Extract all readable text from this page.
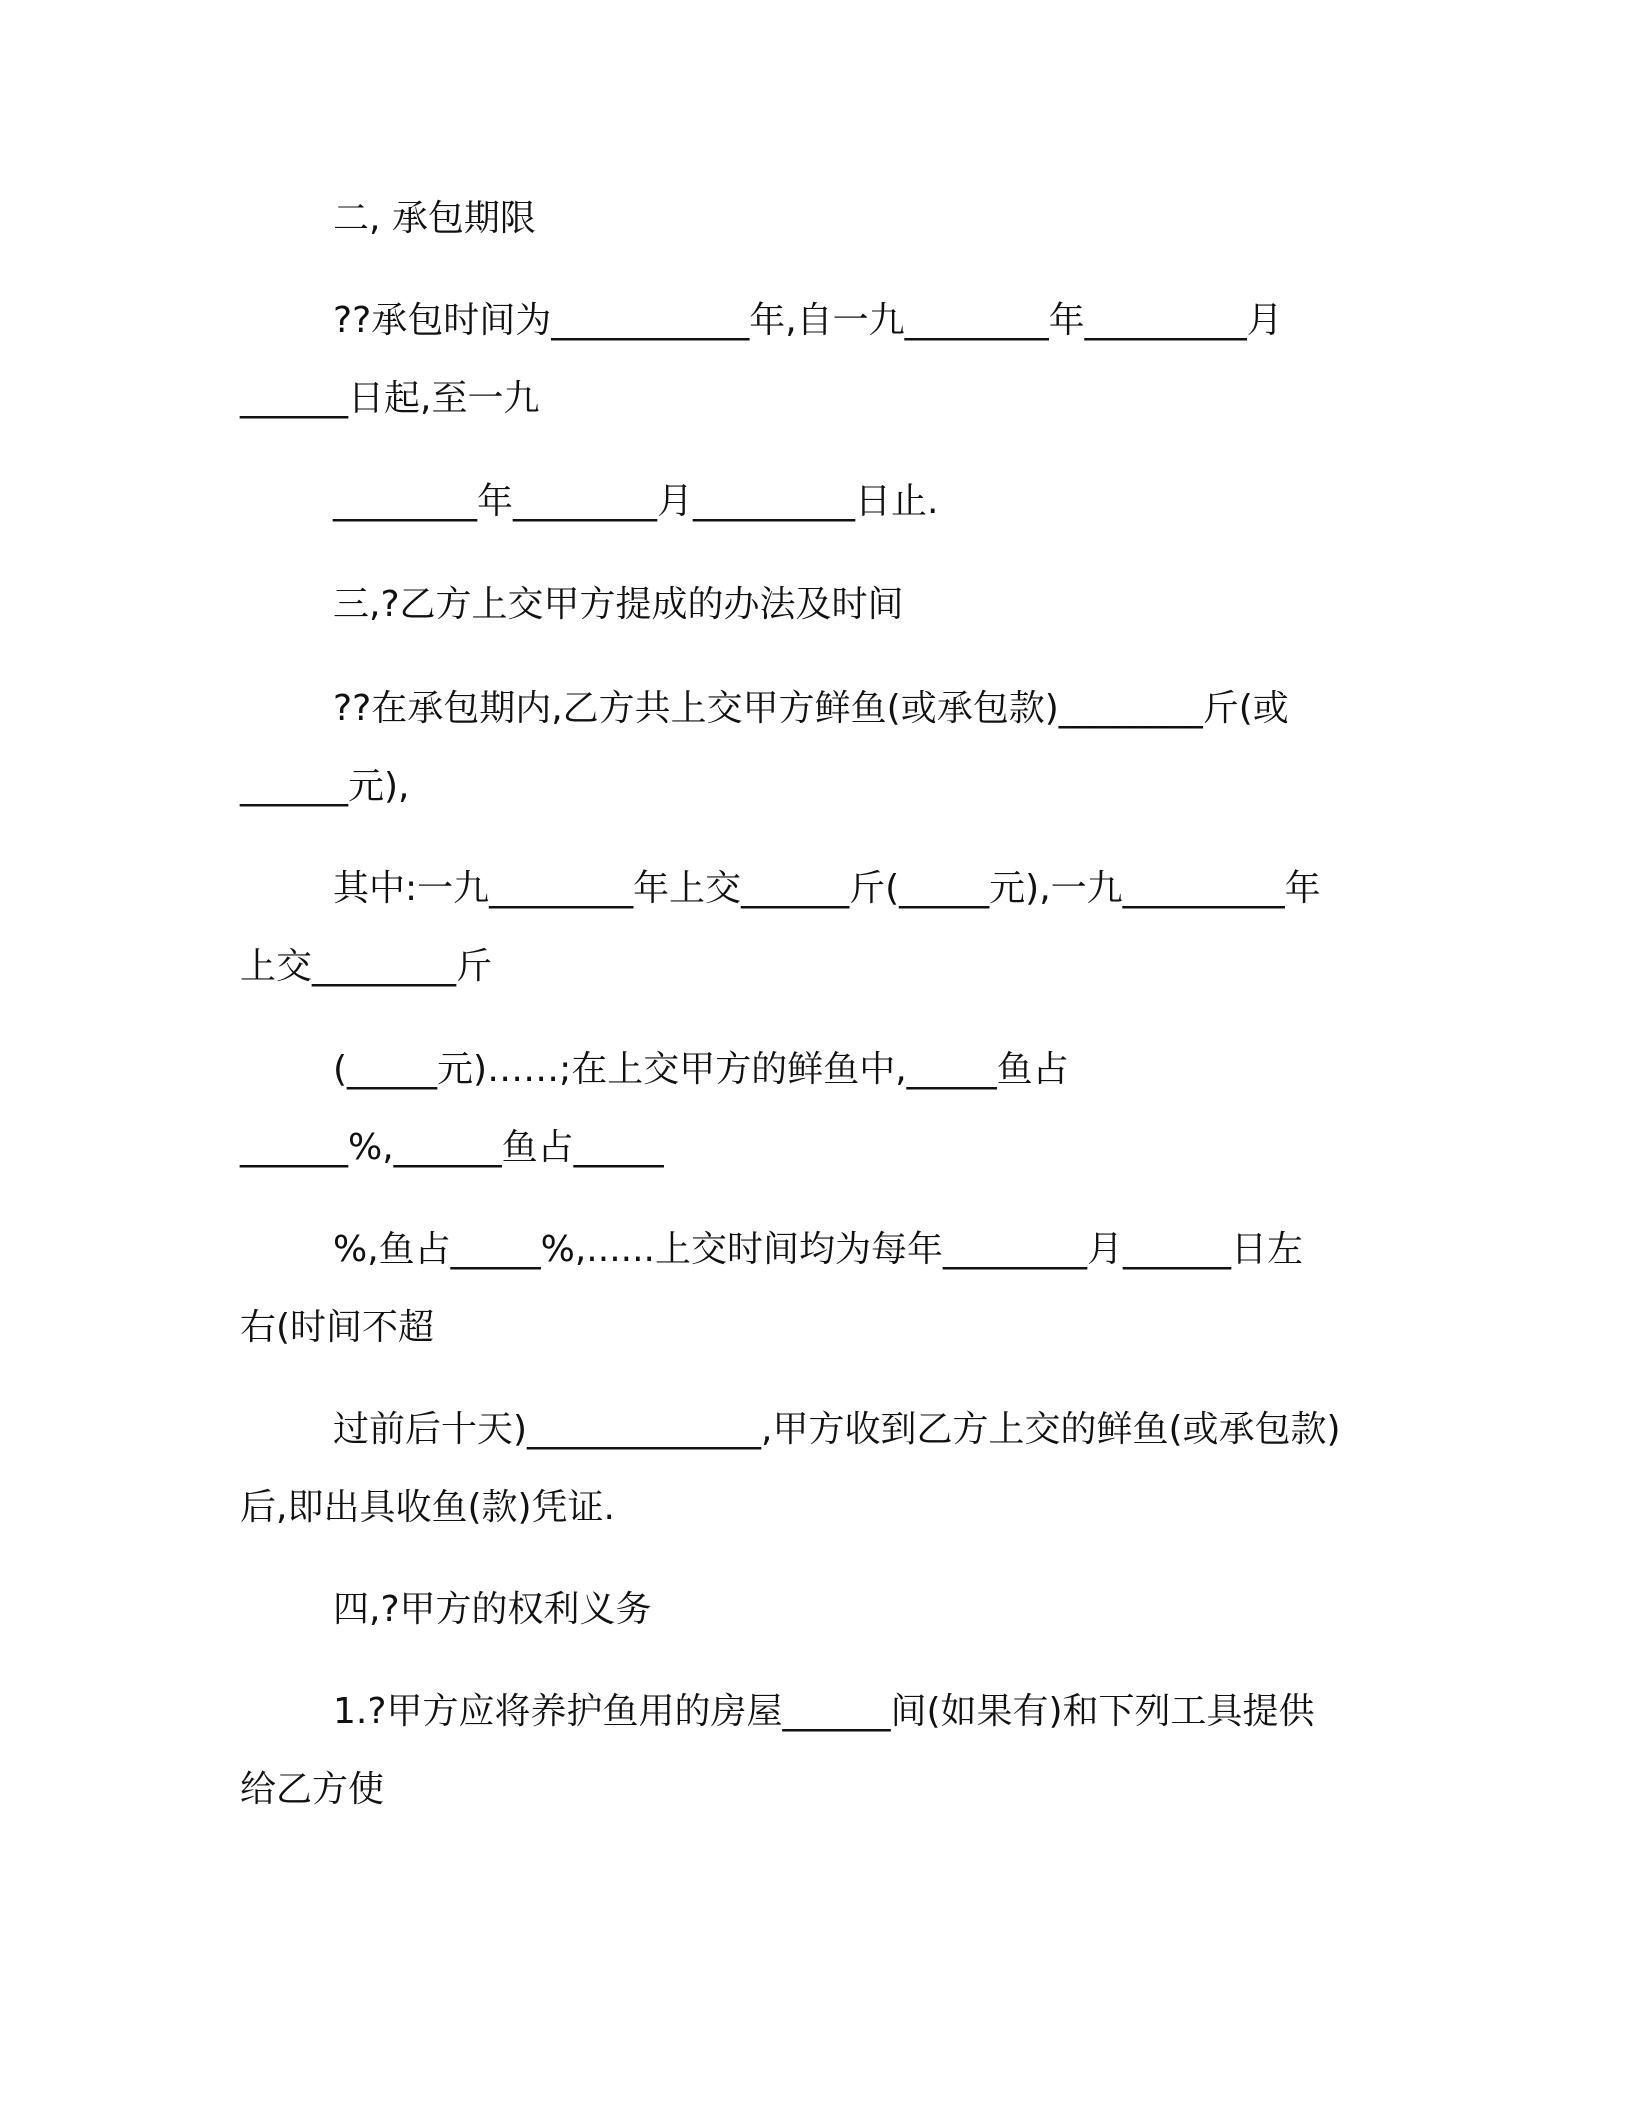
二, 承包期限
??承包时间为___________年,自一九________年_________月
______日起,至一九
________年________月_________日止.
三,?乙方上交甲方提成的办法及时间
??在承包期内,乙方共上交甲方鲜鱼(或承包款)________斤(或
______元),
其中:一九________年上交______斤(_____元),一九_________年
上交________斤
(_____元)……;在上交甲方的鲜鱼中,_____鱼占
______%,______鱼占_____
%,鱼占_____%,......上交时间均为每年________月______日左
右(时间不超
过前后十天)_____________,甲方收到乙方上交的鲜鱼(或承包款)
后,即出具收鱼(款)凭证.
四,?甲方的权利义务
1.?甲方应将养护鱼用的房屋______间(如果有)和下列工具提供
给乙方使
